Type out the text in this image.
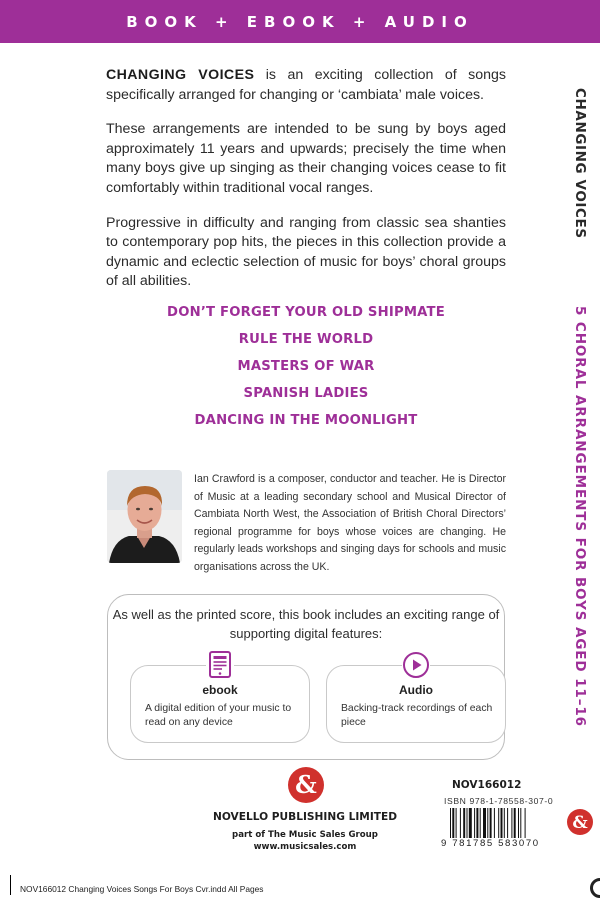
BOOK + EBOOK + AUDIO
CHANGING VOICES
5 CHORAL ARRANGEMENTS FOR BOYS AGED 11–16

CHANGING VOICES is an exciting collection of songs specifically arranged for changing or ‘cambiata’ male voices.

These arrangements are intended to be sung by boys aged approximately 11 years and upwards; precisely the time when many boys give up singing as their changing voices cease to fit comfortably within traditional vocal ranges.

Progressive in difficulty and ranging from classic sea shanties to contemporary pop hits, the pieces in this collection provide a dynamic and eclectic selection of music for boys’ choral groups of all abilities.

DON’T FORGET YOUR OLD SHIPMATE
RULE THE WORLD
MASTERS OF WAR
SPANISH LADIES
DANCING IN THE MOONLIGHT

Ian Crawford is a composer, conductor and teacher. He is Director of Music at a leading secondary school and Musical Director of Cambiata North West, the Association of British Choral Directors’ regional programme for boys whose voices are changing. He regularly leads workshops and singing days for schools and music organisations across the UK.

As well as the printed score, this book includes an exciting range of supporting digital features:

ebook

A digital edition of your music to read on any device

Audio

Backing-track recordings of each piece

&
NOVELLO PUBLISHING LIMITED
part of The Music Sales Group
www.musicsales.com
NOV166012
ISBN 978-1-78558-307-0
9 781785 583070
&
NOV166012 Changing Voices Songs For Boys Cvr.indd All Pages
